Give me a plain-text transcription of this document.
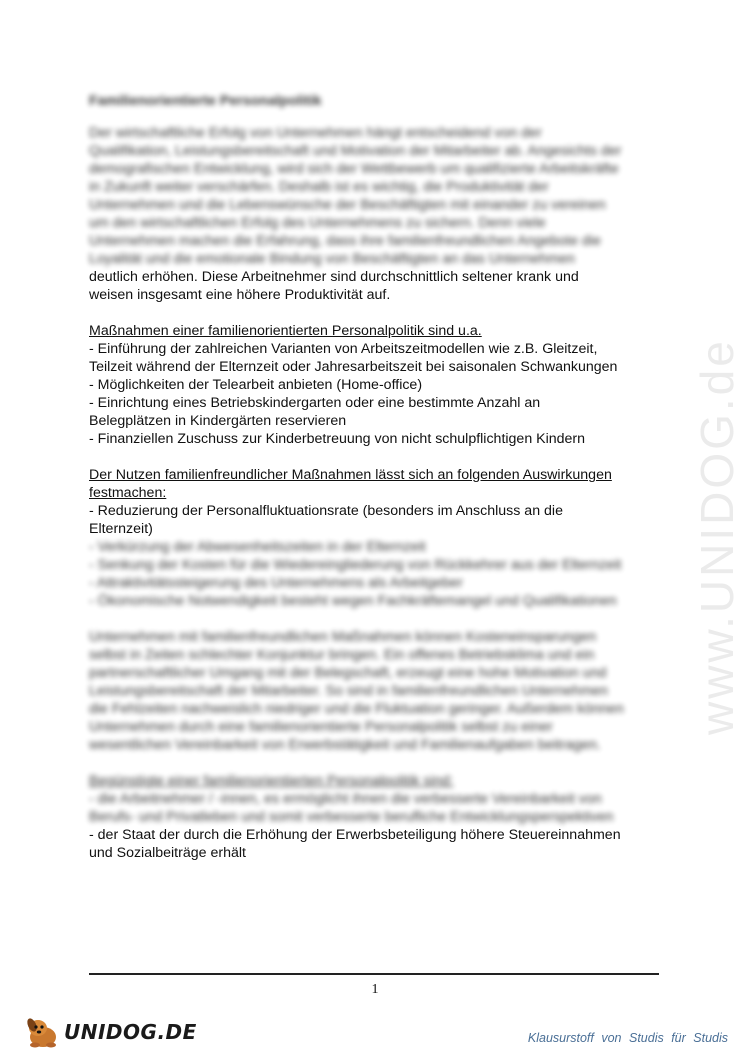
www.UNIDOG.de
Familienorientierte Personalpolitik
Der wirtschaftliche Erfolg von Unternehmen hängt entscheidend von der
Qualifikation, Leistungsbereitschaft und Motivation der Mitarbeiter ab. Angesichts der
demografischen Entwicklung, wird sich der Wettbewerb um qualifizierte Arbeitskräfte
in Zukunft weiter verschärfen. Deshalb ist es wichtig, die Produktivität der
Unternehmen und die Lebenswünsche der Beschäftigten mit einander zu vereinen
um den wirtschaftlichen Erfolg des Unternehmens zu sichern. Denn viele
Unternehmen machen die Erfahrung, dass ihre familienfreundlichen Angebote die
Loyalität und die emotionale Bindung von Beschäftigten an das Unternehmen
deutlich erhöhen. Diese Arbeitnehmer sind durchschnittlich seltener krank und
weisen insgesamt eine höhere Produktivität auf.
Maßnahmen einer familienorientierten Personalpolitik sind u.a.
- Einführung der zahlreichen Varianten von Arbeitszeitmodellen wie z.B. Gleitzeit,
Teilzeit während der Elternzeit oder Jahresarbeitszeit bei saisonalen Schwankungen
- Möglichkeiten der Telearbeit anbieten (Home-office)
- Einrichtung eines Betriebskindergarten oder eine bestimmte Anzahl an
Belegplätzen in Kindergärten reservieren
- Finanziellen Zuschuss zur Kinderbetreuung von nicht schulpflichtigen Kindern
Der Nutzen familienfreundlicher Maßnahmen lässt sich an folgenden Auswirkungen
festmachen:
- Reduzierung der Personalfluktuationsrate (besonders im Anschluss an die
Elternzeit)
- Verkürzung der Abwesenheitszeiten in der Elternzeit
- Senkung der Kosten für die Wiedereingliederung von Rückkehrer aus der Elternzeit
- Attraktivitätssteigerung des Unternehmens als Arbeitgeber
- Ökonomische Notwendigkeit besteht wegen Fachkräftemangel und Qualifikationen
Unternehmen mit familienfreundlichen Maßnahmen können Kosteneinsparungen
selbst in Zeiten schlechter Konjunktur bringen. Ein offenes Betriebsklima und ein
partnerschaftlicher Umgang mit der Belegschaft, erzeugt eine hohe Motivation und
Leistungsbereitschaft der Mitarbeiter. So sind in familienfreundlichen Unternehmen
die Fehlzeiten nachweislich niedriger und die Fluktuation geringer. Außerdem können
Unternehmen durch eine familienorientierte Personalpolitik selbst zu einer
wesentlichen Vereinbarkeit von Erwerbstätigkeit und Familienaufgaben beitragen.
Begünstigte einer familienorientierten Personalpolitik sind:
- die Arbeitnehmer / -innen, es ermöglicht ihnen die verbesserte Vereinbarkeit von
Berufs- und Privatleben und somit verbesserte berufliche Entwicklungsperspektiven
- der Staat der durch die Erhöhung der Erwerbsbeteiligung höhere Steuereinnahmen
und Sozialbeiträge erhält
1
UNIDOG.DE	Klausurstoff von Studis für Studis
